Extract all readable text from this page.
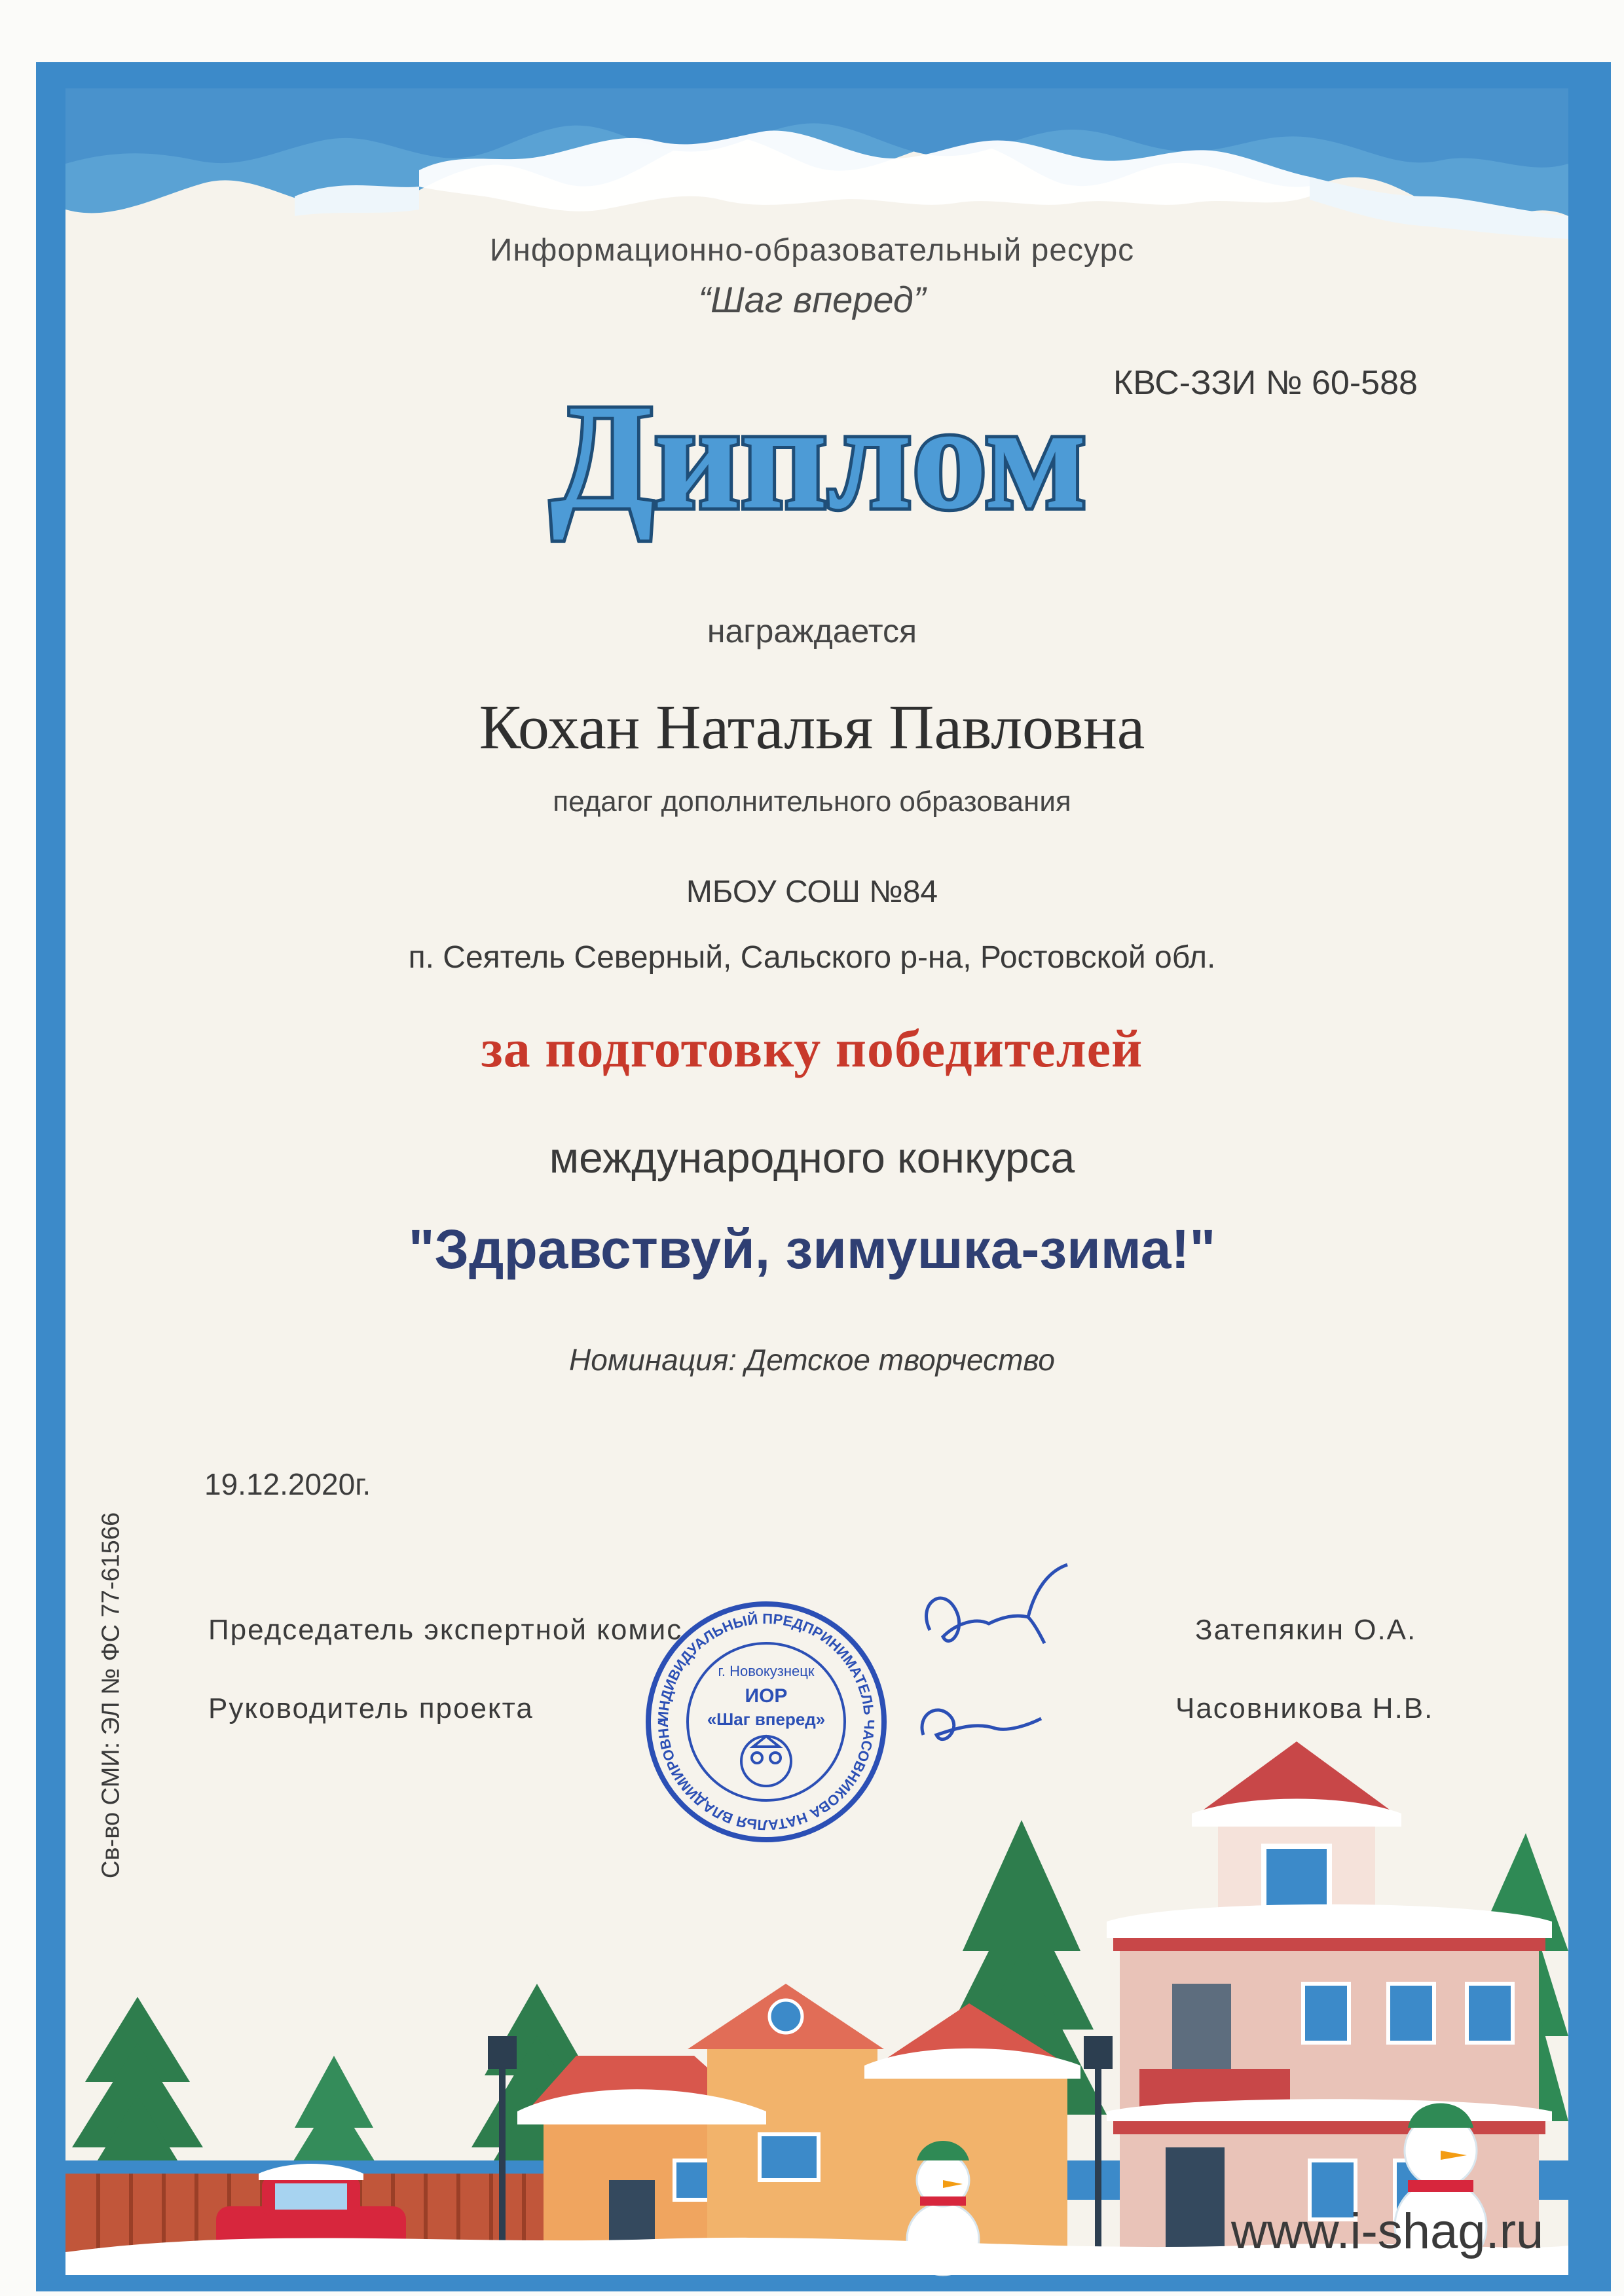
Информационно-образовательный ресурс
“Шаг вперед”
КВС-ЗЗИ № 60-588
Диплом
награждается
Кохан Наталья Павловна
педагог дополнительного образования
МБОУ СОШ №84
п. Сеятель Северный, Сальского р-на, Ростовской обл.
за подготовку победителей
международного конкурса
"Здравствуй, зимушка-зима!"
Номинация: Детское творчество
19.12.2020г.
Председатель экспертной комис	Затепякин О.А.
Руководитель проекта	Часовникова Н.В.
Св-во СМИ: ЭЛ № ФС 77-61566	ИНДИВИДУАЛЬНЫЙ ПРЕДПРИНИМАТЕЛЬ ЧАСОВНИКОВА НАТАЛЬЯ ВЛАДИМИРОВНА
г. Новокузнецк
ИОР
«Шаг вперед»
www.i-shag.ru
